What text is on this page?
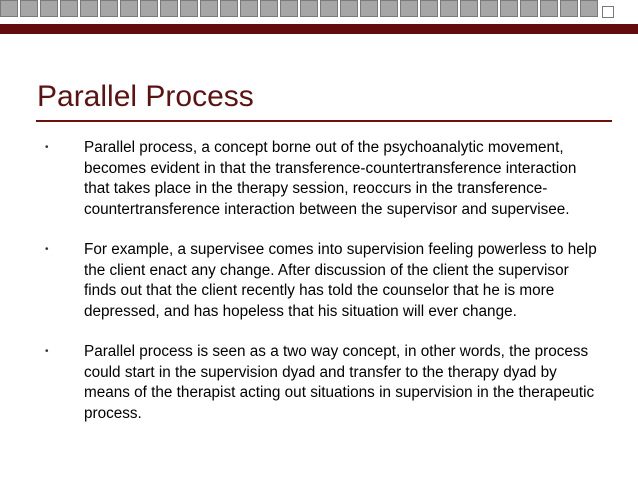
Parallel Process
• Parallel process, a concept borne out of the psychoanalytic movement, becomes evident in that the transference-countertransference interaction that takes place in the therapy session, reoccurs in the transference-countertransference interaction between the supervisor and supervisee.

• For example, a supervisee comes into supervision feeling powerless to help the client enact any change. After discussion of the client the supervisor finds out that the client recently has told the counselor that he is more depressed, and has hopeless that his situation will ever change.

• Parallel process is seen as a two way concept, in other words, the process could start in the supervision dyad and transfer to the therapy dyad by means of the therapist acting out situations in supervision in the therapeutic process.
